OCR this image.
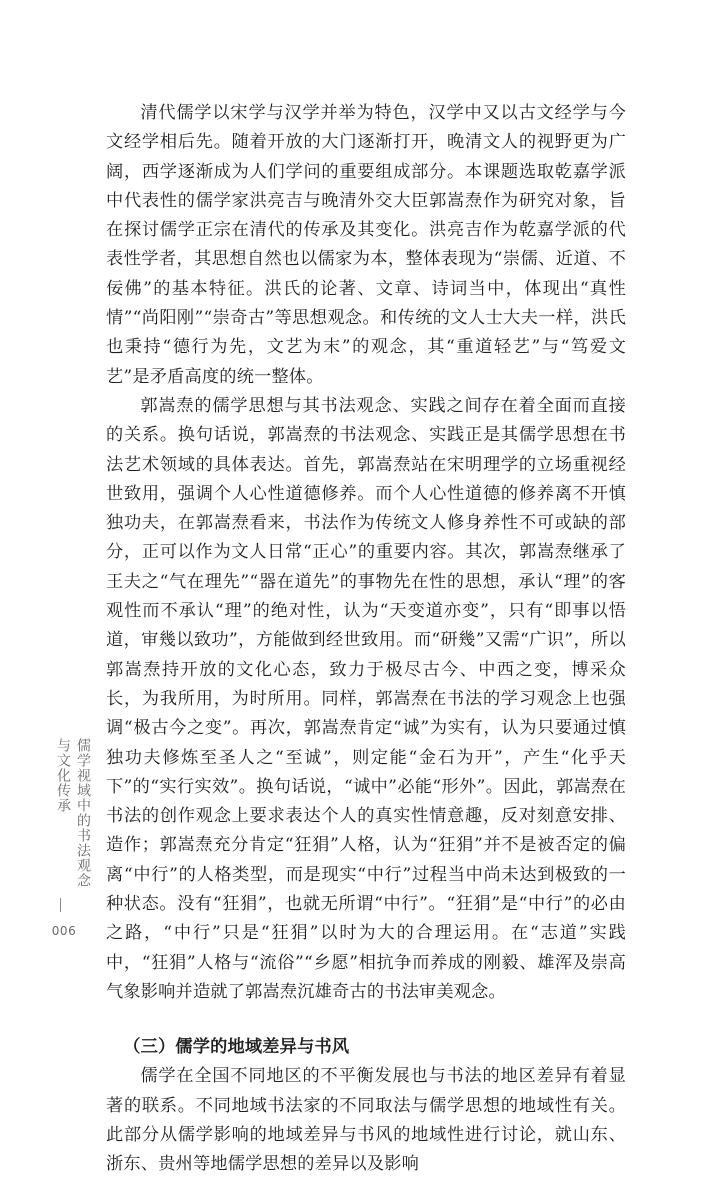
清代儒学以宋学与汉学并举为特色，汉学中又以古文经学与今文经学相后先。随着开放的大门逐渐打开，晚清文人的视野更为广阔，西学逐渐成为人们学问的重要组成部分。本课题选取乾嘉学派中代表性的儒学家洪亮吉与晚清外交大臣郭嵩焘作为研究对象，旨在探讨儒学正宗在清代的传承及其变化。洪亮吉作为乾嘉学派的代表性学者，其思想自然也以儒家为本，整体表现为“崇儒、近道、不佞佛”的基本特征。洪氏的论著、文章、诗词当中，体现出“真性情”“尚阳刚”“崇奇古”等思想观念。和传统的文人士大夫一样，洪氏也秉持“德行为先，文艺为末”的观念，其“重道轻艺”与“笃爱文艺”是矛盾高度的统一整体。

郭嵩焘的儒学思想与其书法观念、实践之间存在着全面而直接的关系。换句话说，郭嵩焘的书法观念、实践正是其儒学思想在书法艺术领域的具体表达。首先，郭嵩焘站在宋明理学的立场重视经世致用，强调个人心性道德修养。而个人心性道德的修养离不开慎独功夫，在郭嵩焘看来，书法作为传统文人修身养性不可或缺的部分，正可以作为文人日常“正心”的重要内容。其次，郭嵩焘继承了王夫之“气在理先”“器在道先”的事物先在性的思想，承认“理”的客观性而不承认“理”的绝对性，认为“天变道亦变”，只有“即事以悟道，审幾以致功”，方能做到经世致用。而“研幾”又需“广识”，所以郭嵩焘持开放的文化心态，致力于极尽古今、中西之变，博采众长，为我所用，为时所用。同样，郭嵩焘在书法的学习观念上也强调“极古今之变”。再次，郭嵩焘肯定“诚”为实有，认为只要通过慎独功夫修炼至圣人之“至诚”，则定能“金石为开”，产生“化乎天下”的“实行实效”。换句话说，“诚中”必能“形外”。因此，郭嵩焘在书法的创作观念上要求表达个人的真实性情意趣，反对刻意安排、造作；郭嵩焘充分肯定“狂狷”人格，认为“狂狷”并不是被否定的偏离“中行”的人格类型，而是现实“中行”过程当中尚未达到极致的一种状态。没有“狂狷”，也就无所谓“中行”。“狂狷”是“中行”的必由之路，“中行”只是“狂狷”以时为大的合理运用。在“志道”实践中，“狂狷”人格与“流俗”“乡愿”相抗争而养成的刚毅、雄浑及崇高气象影响并造就了郭嵩焘沉雄奇古的书法审美观念。

（三）儒学的地域差异与书风

儒学在全国不同地区的不平衡发展也与书法的地区差异有着显著的联系。不同地域书法家的不同取法与儒学思想的地域性有关。此部分从儒学影响的地域差异与书风的地域性进行讨论，就山东、浙东、贵州等地儒学思想的差异以及影响

儒学视域中的书法观念与文化传承
006
